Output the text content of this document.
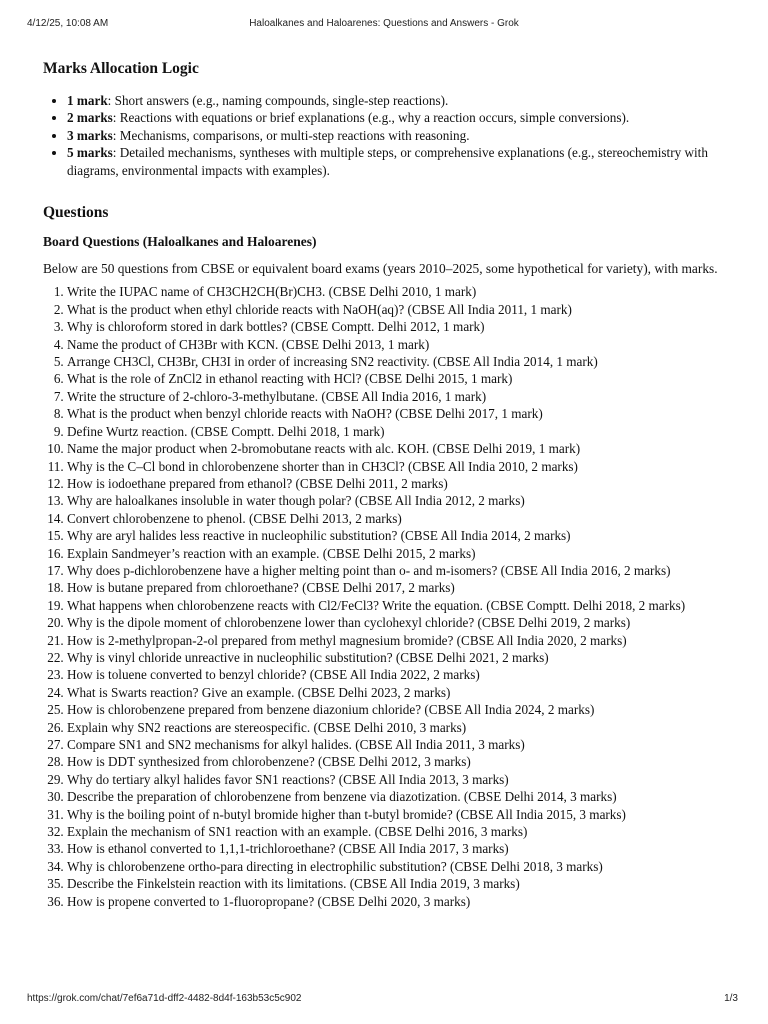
4/12/25, 10:08 AM	Haloalkanes and Haloarenes: Questions and Answers - Grok
Marks Allocation Logic
• 1 mark: Short answers (e.g., naming compounds, single-step reactions).
• 2 marks: Reactions with equations or brief explanations (e.g., why a reaction occurs, simple conversions).
• 3 marks: Mechanisms, comparisons, or multi-step reactions with reasoning.
• 5 marks: Detailed mechanisms, syntheses with multiple steps, or comprehensive explanations (e.g., stereochemistry with diagrams, environmental impacts with examples).
Questions
Board Questions (Haloalkanes and Haloarenes)

Below are 50 questions from CBSE or equivalent board exams (years 2010–2025, some hypothetical for variety), with marks.

1. Write the IUPAC name of CH3CH2CH(Br)CH3. (CBSE Delhi 2010, 1 mark)
2. What is the product when ethyl chloride reacts with NaOH(aq)? (CBSE All India 2011, 1 mark)
3. Why is chloroform stored in dark bottles? (CBSE Comptt. Delhi 2012, 1 mark)
4. Name the product of CH3Br with KCN. (CBSE Delhi 2013, 1 mark)
5. Arrange CH3Cl, CH3Br, CH3I in order of increasing SN2 reactivity. (CBSE All India 2014, 1 mark)
6. What is the role of ZnCl2 in ethanol reacting with HCl? (CBSE Delhi 2015, 1 mark)
7. Write the structure of 2-chloro-3-methylbutane. (CBSE All India 2016, 1 mark)
8. What is the product when benzyl chloride reacts with NaOH? (CBSE Delhi 2017, 1 mark)
9. Define Wurtz reaction. (CBSE Comptt. Delhi 2018, 1 mark)
10. Name the major product when 2-bromobutane reacts with alc. KOH. (CBSE Delhi 2019, 1 mark)
11. Why is the C–Cl bond in chlorobenzene shorter than in CH3Cl? (CBSE All India 2010, 2 marks)
12. How is iodoethane prepared from ethanol? (CBSE Delhi 2011, 2 marks)
13. Why are haloalkanes insoluble in water though polar? (CBSE All India 2012, 2 marks)
14. Convert chlorobenzene to phenol. (CBSE Delhi 2013, 2 marks)
15. Why are aryl halides less reactive in nucleophilic substitution? (CBSE All India 2014, 2 marks)
16. Explain Sandmeyer’s reaction with an example. (CBSE Delhi 2015, 2 marks)
17. Why does p-dichlorobenzene have a higher melting point than o- and m-isomers? (CBSE All India 2016, 2 marks)
18. How is butane prepared from chloroethane? (CBSE Delhi 2017, 2 marks)
19. What happens when chlorobenzene reacts with Cl2/FeCl3? Write the equation. (CBSE Comptt. Delhi 2018, 2 marks)
20. Why is the dipole moment of chlorobenzene lower than cyclohexyl chloride? (CBSE Delhi 2019, 2 marks)
21. How is 2-methylpropan-2-ol prepared from methyl magnesium bromide? (CBSE All India 2020, 2 marks)
22. Why is vinyl chloride unreactive in nucleophilic substitution? (CBSE Delhi 2021, 2 marks)
23. How is toluene converted to benzyl chloride? (CBSE All India 2022, 2 marks)
24. What is Swarts reaction? Give an example. (CBSE Delhi 2023, 2 marks)
25. How is chlorobenzene prepared from benzene diazonium chloride? (CBSE All India 2024, 2 marks)
26. Explain why SN2 reactions are stereospecific. (CBSE Delhi 2010, 3 marks)
27. Compare SN1 and SN2 mechanisms for alkyl halides. (CBSE All India 2011, 3 marks)
28. How is DDT synthesized from chlorobenzene? (CBSE Delhi 2012, 3 marks)
29. Why do tertiary alkyl halides favor SN1 reactions? (CBSE All India 2013, 3 marks)
30. Describe the preparation of chlorobenzene from benzene via diazotization. (CBSE Delhi 2014, 3 marks)
31. Why is the boiling point of n-butyl bromide higher than t-butyl bromide? (CBSE All India 2015, 3 marks)
32. Explain the mechanism of SN1 reaction with an example. (CBSE Delhi 2016, 3 marks)
33. How is ethanol converted to 1,1,1-trichloroethane? (CBSE All India 2017, 3 marks)
34. Why is chlorobenzene ortho-para directing in electrophilic substitution? (CBSE Delhi 2018, 3 marks)
35. Describe the Finkelstein reaction with its limitations. (CBSE All India 2019, 3 marks)
36. How is propene converted to 1-fluoropropane? (CBSE Delhi 2020, 3 marks)
https://grok.com/chat/7ef6a71d-dff2-4482-8d4f-163b53c5c902	1/3
